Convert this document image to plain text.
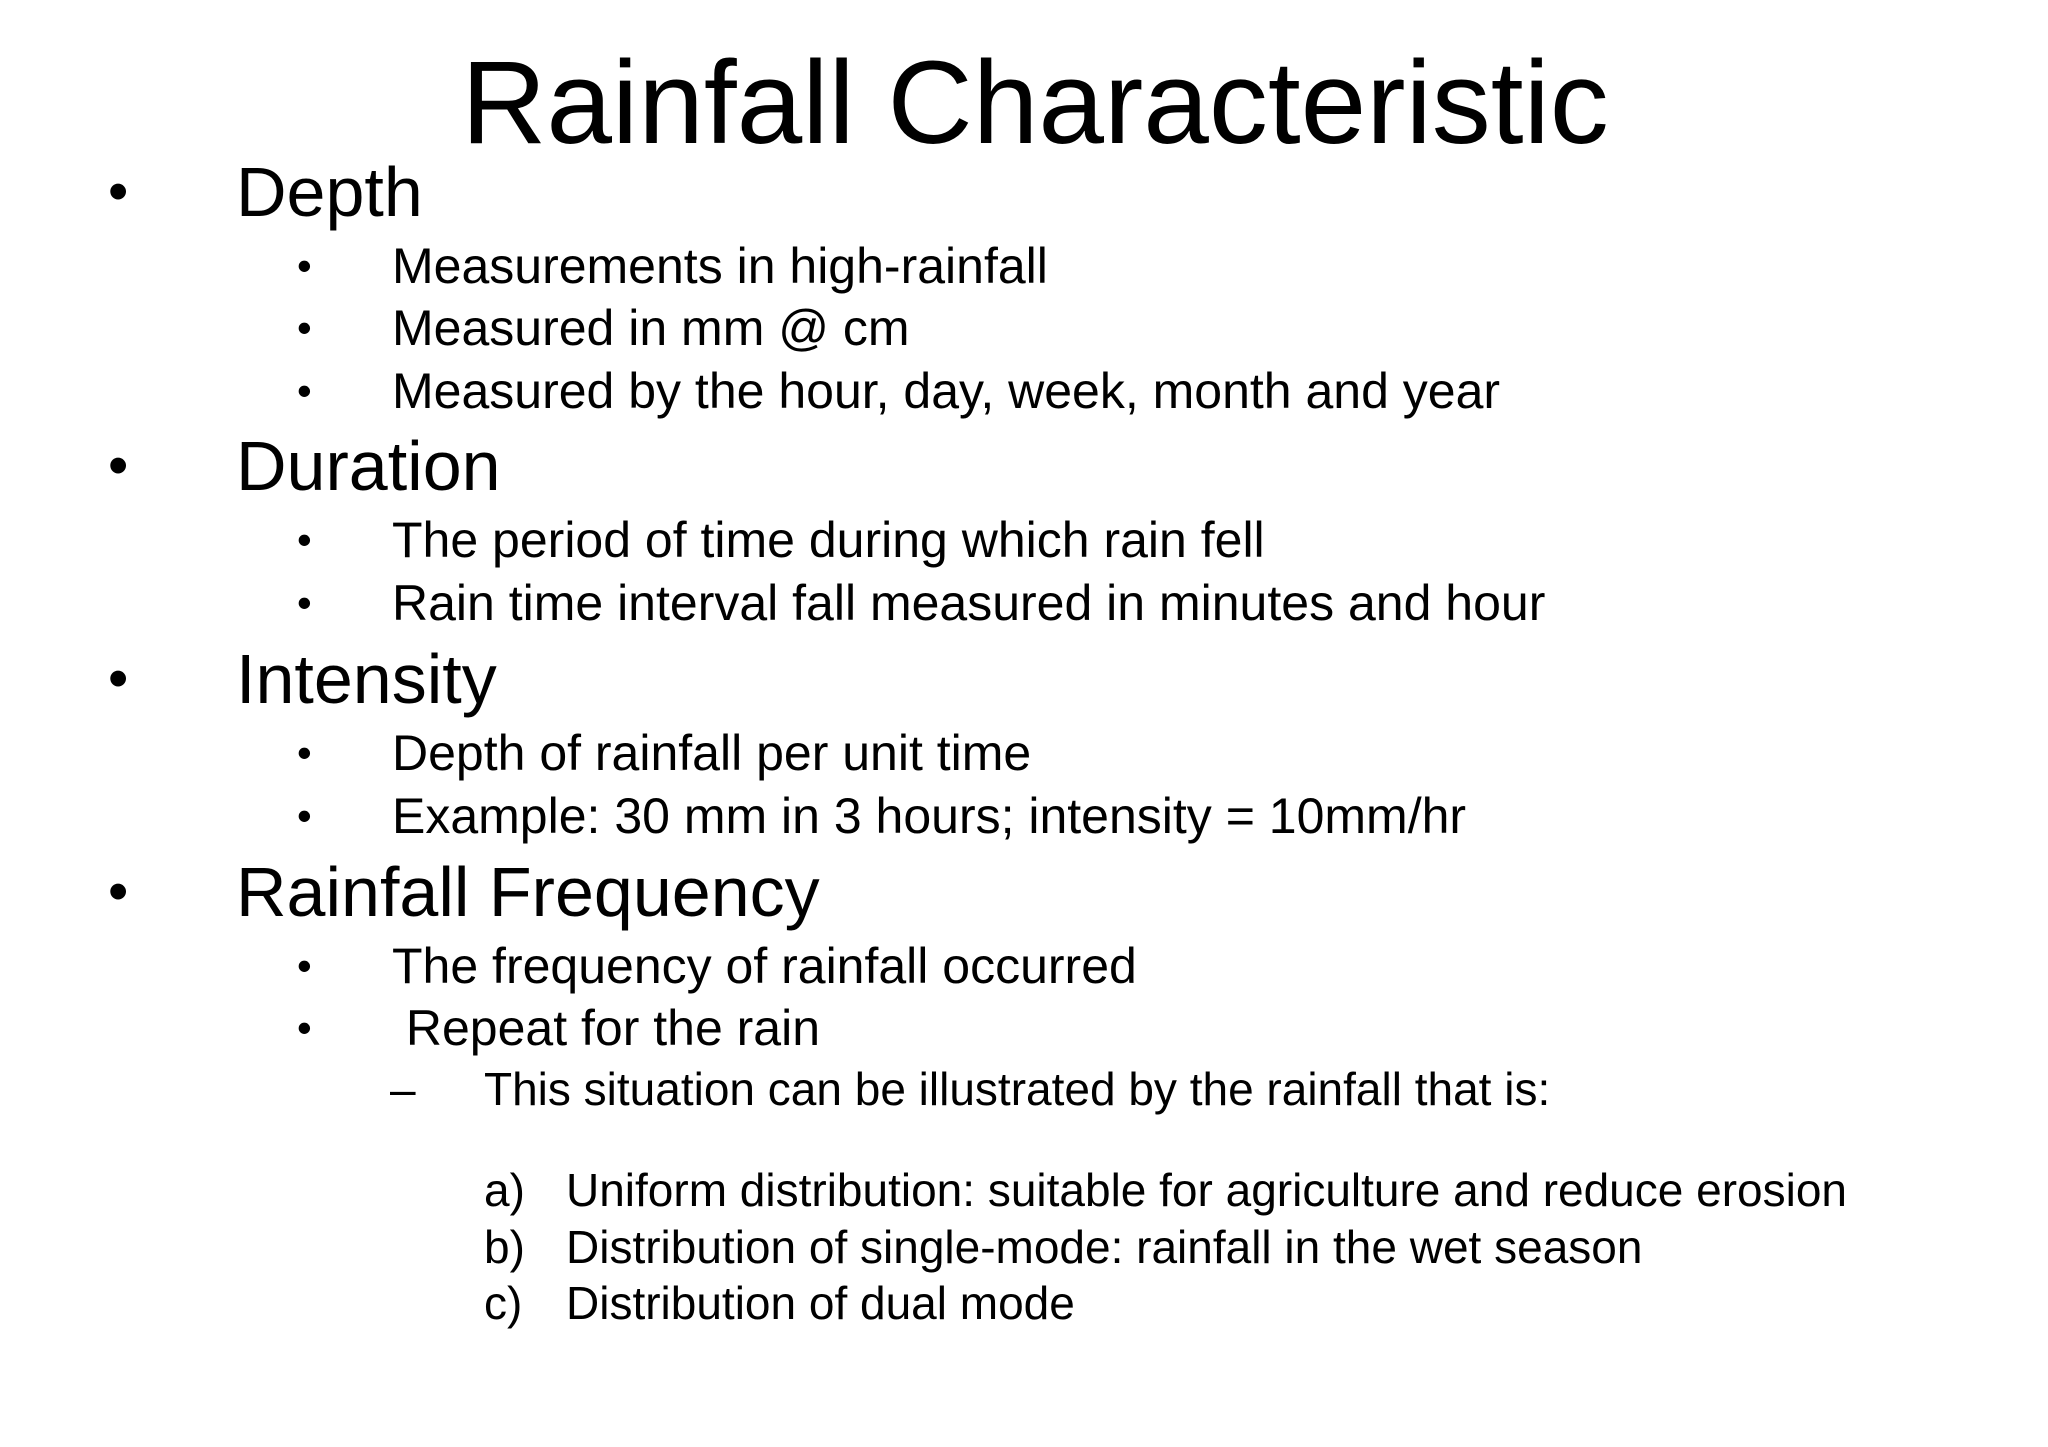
Rainfall Characteristic
• Depth
• Measurements in high-rainfall
• Measured in mm @ cm
• Measured by the hour, day, week, month and year
• Duration
• The period of time during which rain fell
• Rain time interval fall measured in minutes and hour
• Intensity
• Depth of rainfall per unit time
• Example: 30 mm in 3 hours; intensity = 10mm/hr
• Rainfall Frequency
• The frequency of rainfall occurred
• Repeat for the rain
– This situation can be illustrated by the rainfall that is:
a) Uniform distribution: suitable for agriculture and reduce erosion
b) Distribution of single-mode: rainfall in the wet season
c) Distribution of dual mode
